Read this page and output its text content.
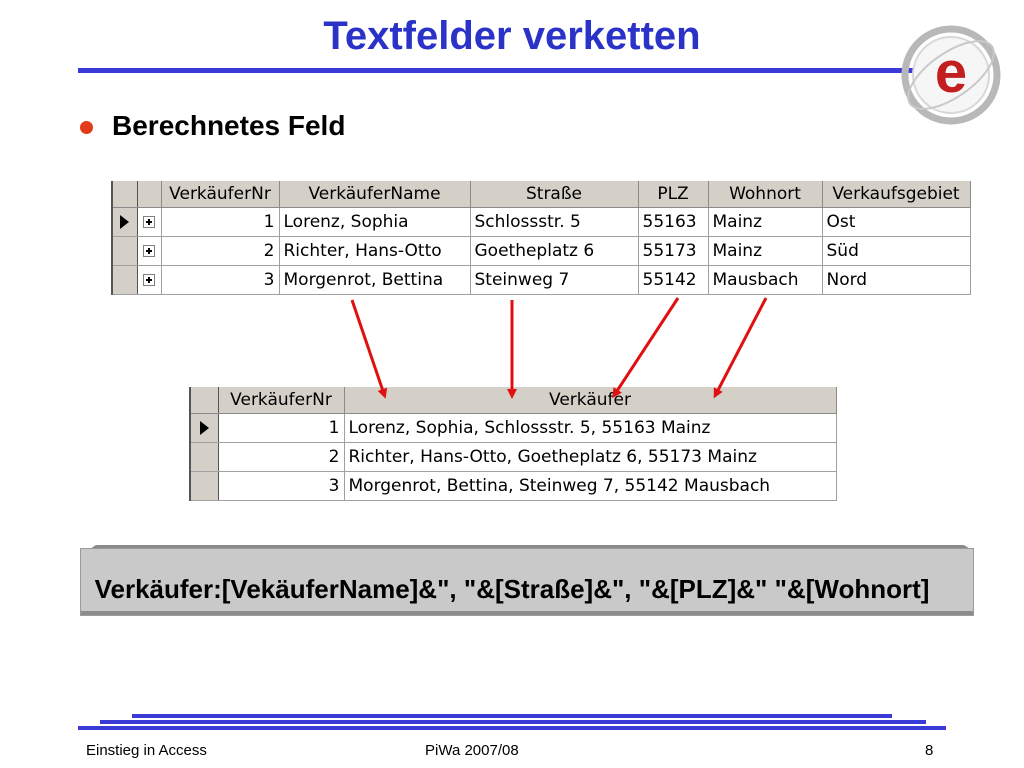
Textfelder verketten
e
Berechnetes Feld
		VerkäuferNr	VerkäuferName	Straße	PLZ	Wohnort	Verkaufsgebiet
		1	Lorenz, Sophia	Schlossstr. 5	55163	Mainz	Ost
		2	Richter, Hans-Otto	Goetheplatz 6	55173	Mainz	Süd
		3	Morgenrot, Bettina	Steinweg 7	55142	Mausbach	Nord
	VerkäuferNr	Verkäufer
	1	Lorenz, Sophia, Schlossstr. 5, 55163 Mainz
	2	Richter, Hans-Otto, Goetheplatz 6, 55173 Mainz
	3	Morgenrot, Bettina, Steinweg 7, 55142 Mausbach
Verkäufer:[VekäuferName]&", "&[Straße]&", "&[PLZ]&" "&[Wohnort]
Einstieg in Access	PiWa 2007/08	8
